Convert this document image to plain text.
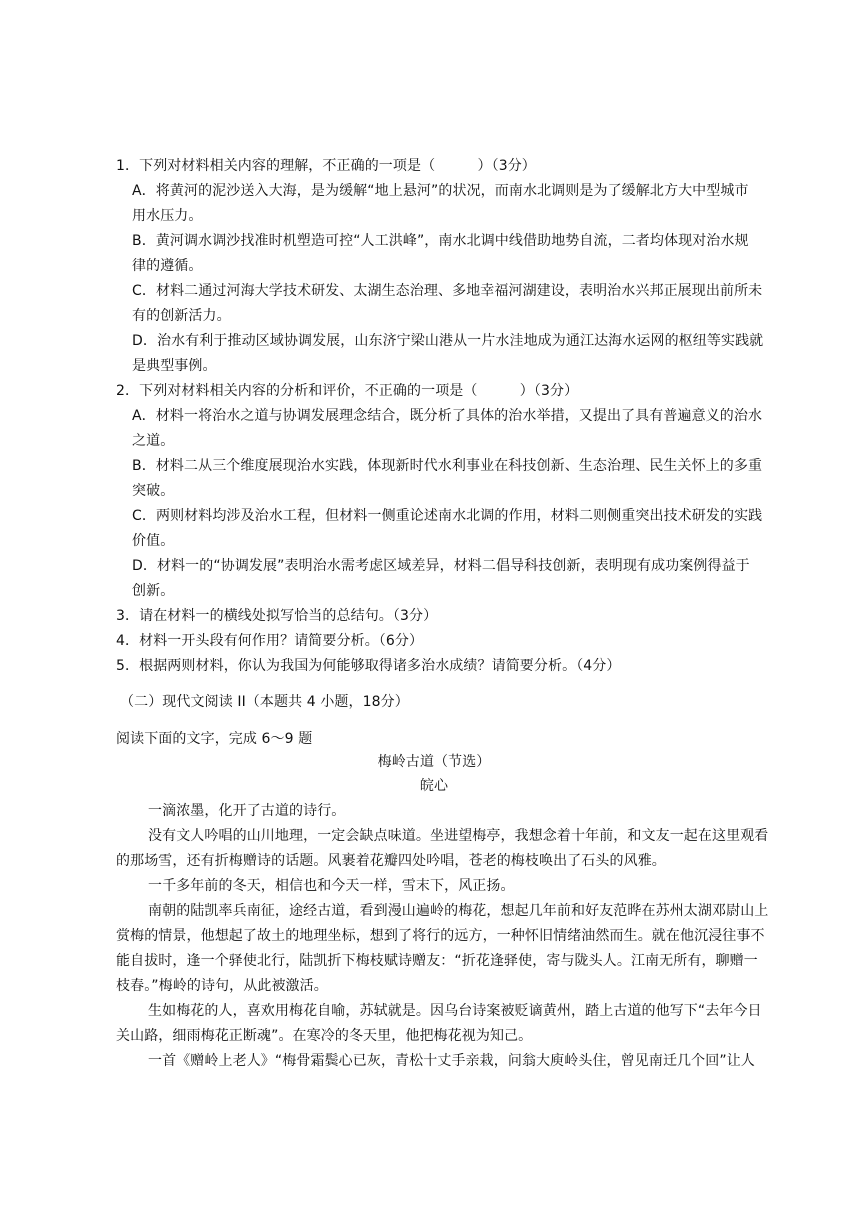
1．下列对材料相关内容的理解，不正确的一项是（　　　）（3分）
A．将黄河的泥沙送入大海，是为缓解“地上悬河”的状况，而南水北调则是为了缓解北方大中型城市
用水压力。
B．黄河调水调沙找准时机塑造可控“人工洪峰”，南水北调中线借助地势自流，二者均体现对治水规
律的遵循。
C．材料二通过河海大学技术研发、太湖生态治理、多地幸福河湖建设，表明治水兴邦正展现出前所未
有的创新活力。
D．治水有利于推动区域协调发展，山东济宁梁山港从一片水洼地成为通江达海水运网的枢纽等实践就
是典型事例。
2．下列对材料相关内容的分析和评价，不正确的一项是（　　　）（3分）
A．材料一将治水之道与协调发展理念结合，既分析了具体的治水举措，又提出了具有普遍意义的治水
之道。
B．材料二从三个维度展现治水实践，体现新时代水利事业在科技创新、生态治理、民生关怀上的多重
突破。
C．两则材料均涉及治水工程，但材料一侧重论述南水北调的作用，材料二则侧重突出技术研发的实践
价值。
D．材料一的“协调发展”表明治水需考虑区域差异，材料二倡导科技创新，表明现有成功案例得益于
创新。
3．请在材料一的横线处拟写恰当的总结句。（3分）
4．材料一开头段有何作用？请简要分析。（6分）
5．根据两则材料，你认为我国为何能够取得诸多治水成绩？请简要分析。（4分）
（二）现代文阅读 II（本题共 4 小题，18分）
阅读下面的文字，完成 6～9 题
梅岭古道（节选）
皖心
一滴浓墨，化开了古道的诗行。
没有文人吟唱的山川地理，一定会缺点味道。坐进望梅亭，我想念着十年前，和文友一起在这里观看
的那场雪，还有折梅赠诗的话题。风裹着花瓣四处吟唱，苍老的梅枝唤出了石头的风雅。
一千多年前的冬天，相信也和今天一样，雪末下，风正扬。
南朝的陆凯率兵南征，途经古道，看到漫山遍岭的梅花，想起几年前和好友范晔在苏州太湖邓尉山上
赏梅的情景，他想起了故土的地理坐标，想到了将行的远方，一种怀旧情绪油然而生。就在他沉浸往事不
能自拔时，逢一个驿使北行，陆凯折下梅枝赋诗赠友：“折花逢驿使，寄与陇头人。江南无所有，聊赠一
枝春。”梅岭的诗句，从此被激活。
生如梅花的人，喜欢用梅花自喻，苏轼就是。因乌台诗案被贬谪黄州，踏上古道的他写下“去年今日
关山路，细雨梅花正断魂”。在寒冷的冬天里，他把梅花视为知己。
一首《赠岭上老人》“梅骨霜鬓心已灰，青松十丈手亲栽，问翁大庾岭头住，曾见南迁几个回”让人
